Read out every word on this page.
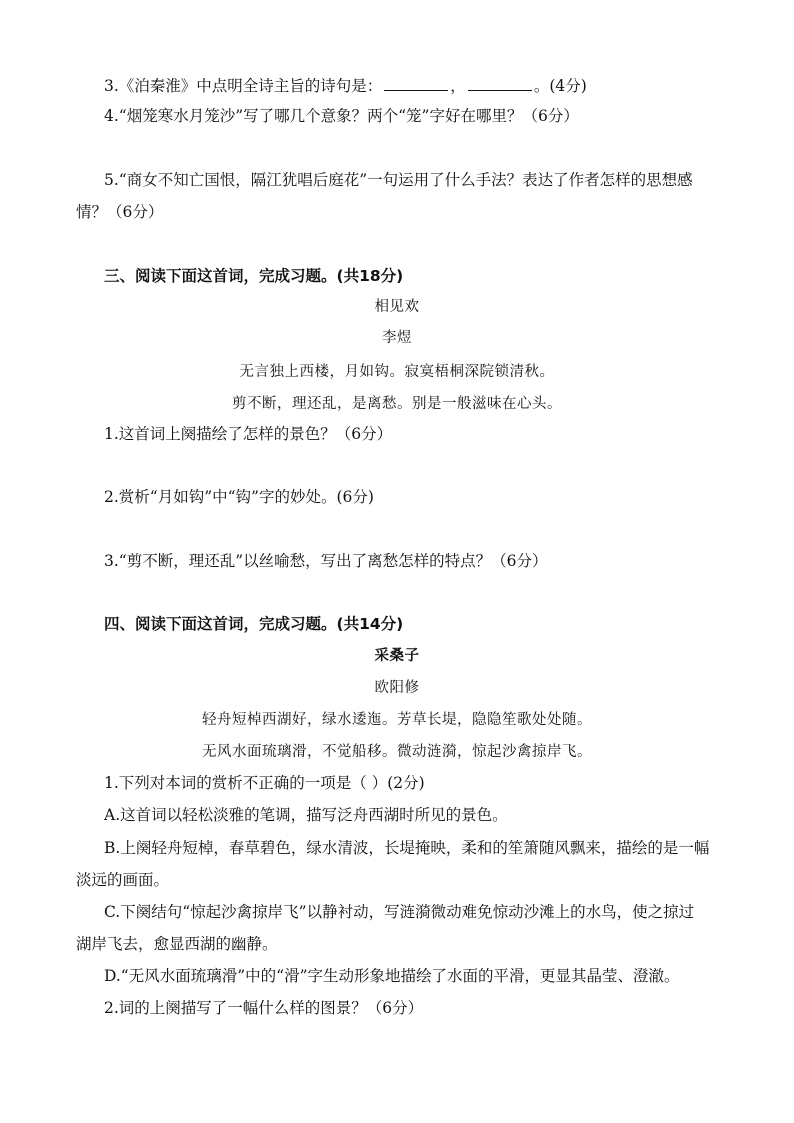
3.《泊秦淮》中点明全诗主旨的诗句是：	，	。(4分)
4.“烟笼寒水月笼沙”写了哪几个意象？两个“笼”字好在哪里？（6分）
5.“商女不知亡国恨，隔江犹唱后庭花”一句运用了什么手法？表达了作者怎样的思想感
情？（6分）
三、阅读下面这首词，完成习题。(共18分)
相见欢
李煜
无言独上西楼，月如钩。寂寞梧桐深院锁清秋。
剪不断，理还乱，是离愁。别是一般滋味在心头。
1.这首词上阕描绘了怎样的景色？（6分）
2.赏析“月如钩”中“钩”字的妙处。(6分)
3.“剪不断，理还乱”以丝喻愁，写出了离愁怎样的特点？（6分）
四、阅读下面这首词，完成习题。(共14分)
采桑子
欧阳修
轻舟短棹西湖好，绿水逶迤。芳草长堤，隐隐笙歌处处随。
无风水面琉璃滑，不觉船移。微动涟漪，惊起沙禽掠岸飞。
1.下列对本词的赏析不正确的一项是（ ）(2分)
A.这首词以轻松淡雅的笔调，描写泛舟西湖时所见的景色。
B.上阕轻舟短棹，春草碧色，绿水清波，长堤掩映，柔和的笙箫随风飘来，描绘的是一幅
淡远的画面。
C.下阕结句“惊起沙禽掠岸飞”以静衬动，写涟漪微动难免惊动沙滩上的水鸟，使之掠过
湖岸飞去，愈显西湖的幽静。
D.“无风水面琉璃滑”中的“滑”字生动形象地描绘了水面的平滑，更显其晶莹、澄澈。
2.词的上阕描写了一幅什么样的图景？（6分）
